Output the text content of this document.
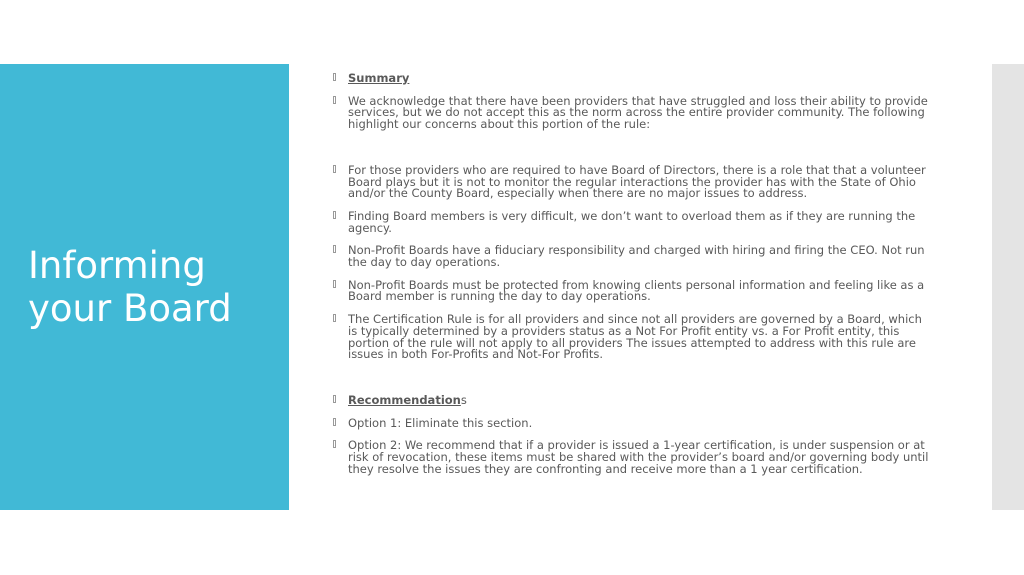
Informing your Board
Summary
We acknowledge that there have been providers that have struggled and loss their ability to provide services, but we do not accept this as the norm across the entire provider community. The following highlight our concerns about this portion of the rule:
For those providers who are required to have Board of Directors, there is a role that that a volunteer Board plays but it is not to monitor the regular interactions the provider has with the State of Ohio and/or the County Board, especially when there are no major issues to address.
Finding Board members is very difficult, we don’t want to overload them as if they are running the agency.
Non-Profit Boards have a fiduciary responsibility and charged with hiring and firing the CEO. Not run the day to day operations.
Non-Profit Boards must be protected from knowing clients personal information and feeling like as a Board member is running the day to day operations.
The Certification Rule is for all providers and since not all providers are governed by a Board, which is typically determined by a providers status as a Not For Profit entity vs. a For Profit entity, this portion of the rule will not apply to all providers The issues attempted to address with this rule are issues in both For-Profits and Not-For Profits.
Recommendations
Option 1: Eliminate this section.
Option 2: We recommend that if a provider is issued a 1-year certification, is under suspension or at risk of revocation, these items must be shared with the provider’s board and/or governing body until they resolve the issues they are confronting and receive more than a 1 year certification.
